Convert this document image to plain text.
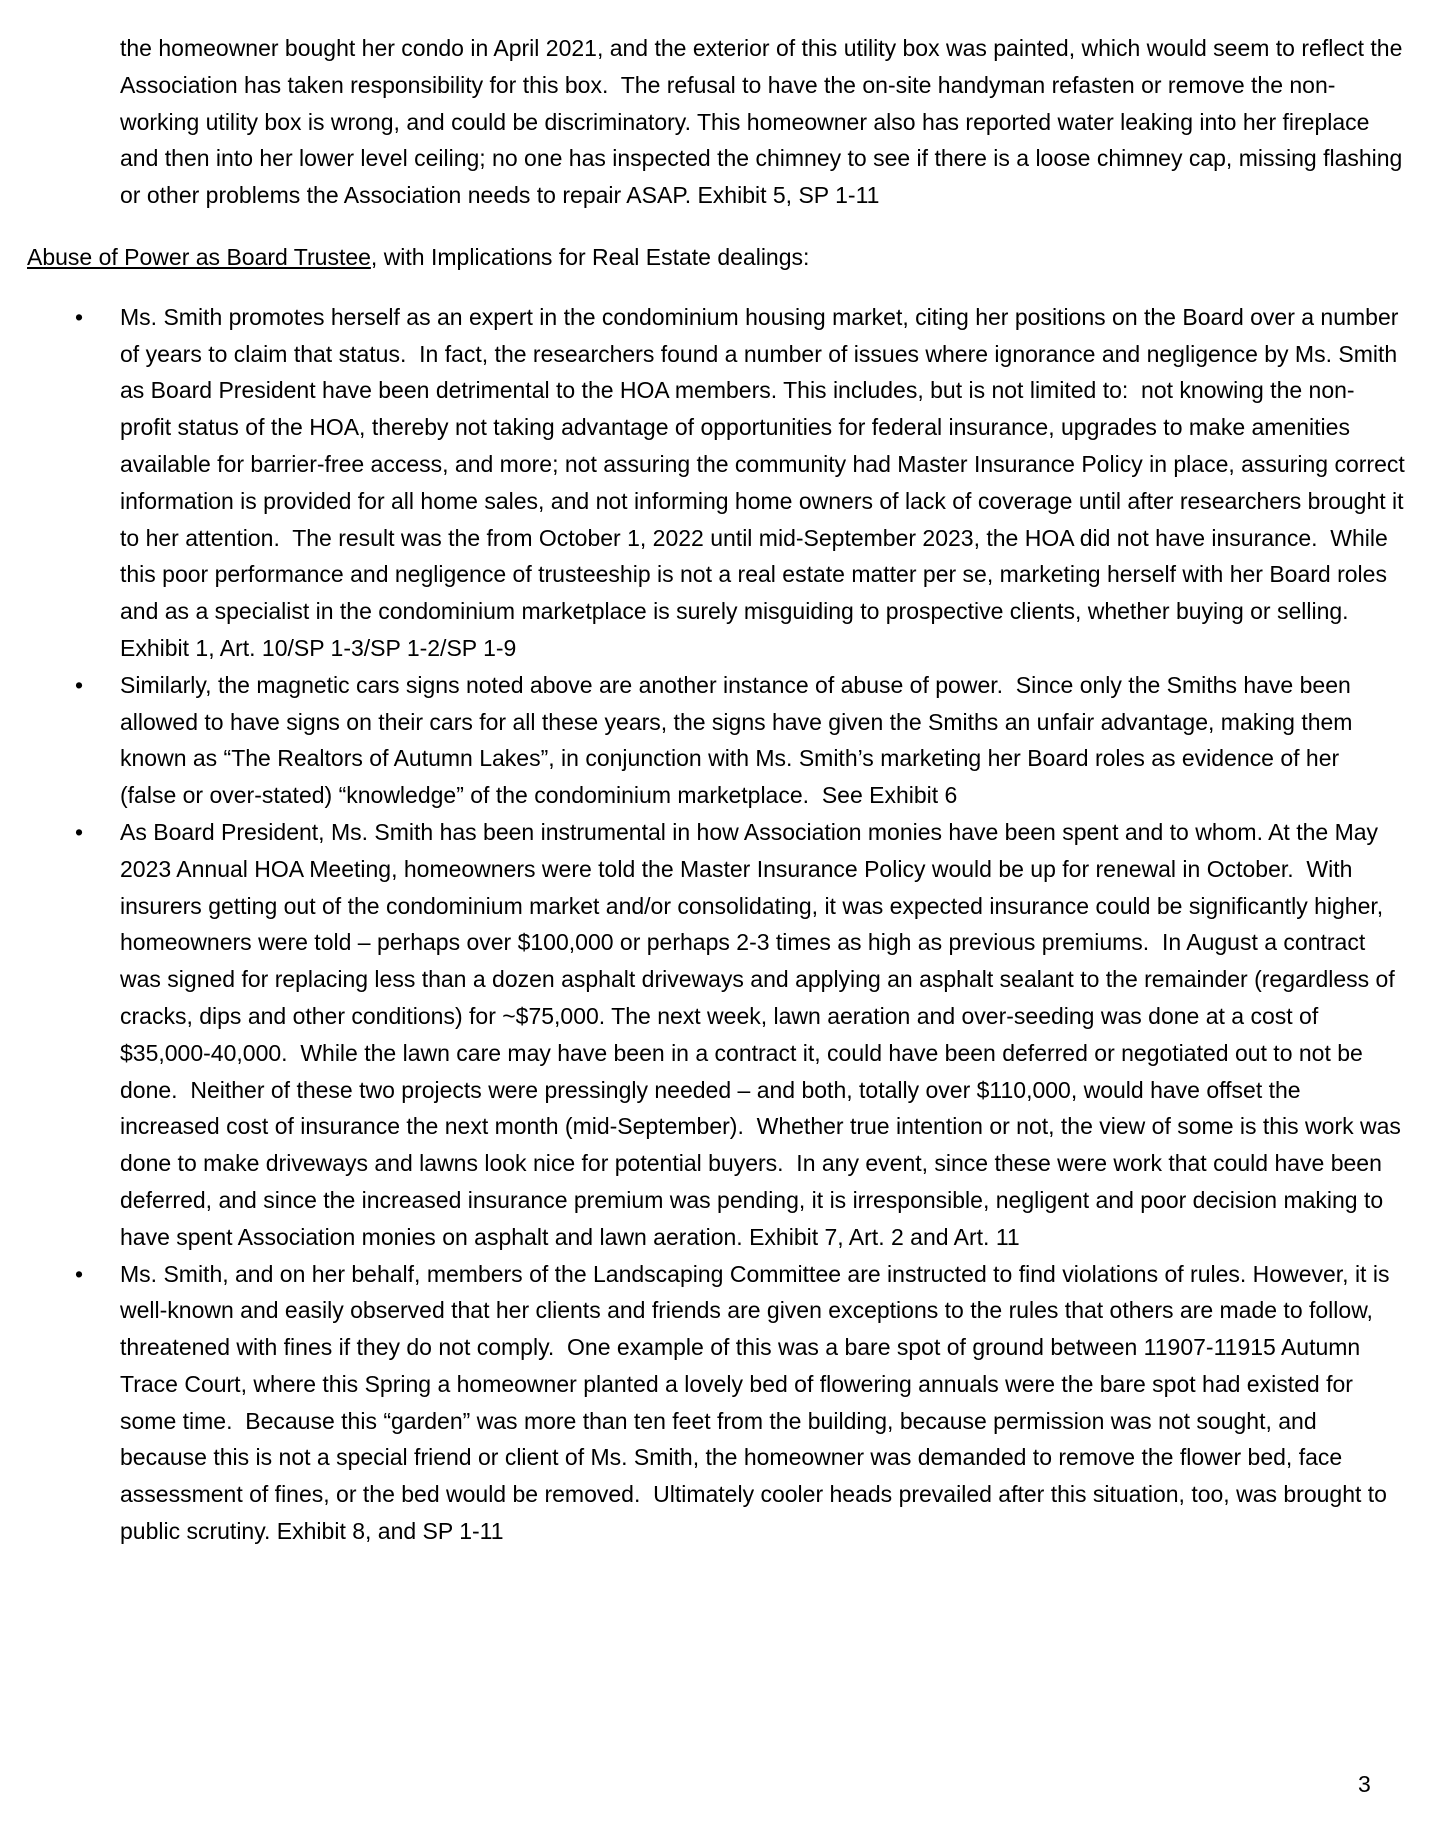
the homeowner bought her condo in April 2021, and the exterior of this utility box was painted, which would seem to reflect the Association has taken responsibility for this box.  The refusal to have the on-site handyman refasten or remove the non-working utility box is wrong, and could be discriminatory. This homeowner also has reported water leaking into her fireplace and then into her lower level ceiling; no one has inspected the chimney to see if there is a loose chimney cap, missing flashing or other problems the Association needs to repair ASAP. Exhibit 5, SP 1-11

Abuse of Power as Board Trustee, with Implications for Real Estate dealings:

• Ms. Smith promotes herself as an expert in the condominium housing market, citing her positions on the Board over a number of years to claim that status.  In fact, the researchers found a number of issues where ignorance and negligence by Ms. Smith as Board President have been detrimental to the HOA members. This includes, but is not limited to:  not knowing the non-profit status of the HOA, thereby not taking advantage of opportunities for federal insurance, upgrades to make amenities available for barrier-free access, and more; not assuring the community had Master Insurance Policy in place, assuring correct information is provided for all home sales, and not informing home owners of lack of coverage until after researchers brought it to her attention.  The result was the from October 1, 2022 until mid-September 2023, the HOA did not have insurance.  While this poor performance and negligence of trusteeship is not a real estate matter per se, marketing herself with her Board roles and as a specialist in the condominium marketplace is surely misguiding to prospective clients, whether buying or selling. Exhibit 1, Art. 10/SP 1-3/SP 1-2/SP 1-9
• Similarly, the magnetic cars signs noted above are another instance of abuse of power.  Since only the Smiths have been allowed to have signs on their cars for all these years, the signs have given the Smiths an unfair advantage, making them known as “The Realtors of Autumn Lakes”, in conjunction with Ms. Smith’s marketing her Board roles as evidence of her  (false or over-stated) “knowledge” of the condominium marketplace.  See Exhibit 6
• As Board President, Ms. Smith has been instrumental in how Association monies have been spent and to whom. At the May 2023 Annual HOA Meeting, homeowners were told the Master Insurance Policy would be up for renewal in October.  With insurers getting out of the condominium market and/or consolidating, it was expected insurance could be significantly higher, homeowners were told – perhaps over $100,000 or perhaps 2-3 times as high as previous premiums.  In August a contract was signed for replacing less than a dozen asphalt driveways and applying an asphalt sealant to the remainder (regardless of cracks, dips and other conditions) for ~$75,000. The next week, lawn aeration and over-seeding was done at a cost of $35,000-40,000.  While the lawn care may have been in a contract it, could have been deferred or negotiated out to not be done.  Neither of these two projects were pressingly needed – and both, totally over $110,000, would have offset the increased cost of insurance the next month (mid-September).  Whether true intention or not, the view of some is this work was done to make driveways and lawns look nice for potential buyers.  In any event, since these were work that could have been deferred, and since the increased insurance premium was pending, it is irresponsible, negligent and poor decision making to have spent Association monies on asphalt and lawn aeration. Exhibit 7, Art. 2 and Art. 11
• Ms. Smith, and on her behalf, members of the Landscaping Committee are instructed to find violations of rules. However, it is well-known and easily observed that her clients and friends are given exceptions to the rules that others are made to follow, threatened with fines if they do not comply.  One example of this was a bare spot of ground between 11907-11915 Autumn Trace Court, where this Spring a homeowner planted a lovely bed of flowering annuals were the bare spot had existed for some time.  Because this “garden” was more than ten feet from the building, because permission was not sought, and because this is not a special friend or client of Ms. Smith, the homeowner was demanded to remove the flower bed, face assessment of fines, or the bed would be removed.  Ultimately cooler heads prevailed after this situation, too, was brought to public scrutiny. Exhibit 8, and SP 1-11
3
